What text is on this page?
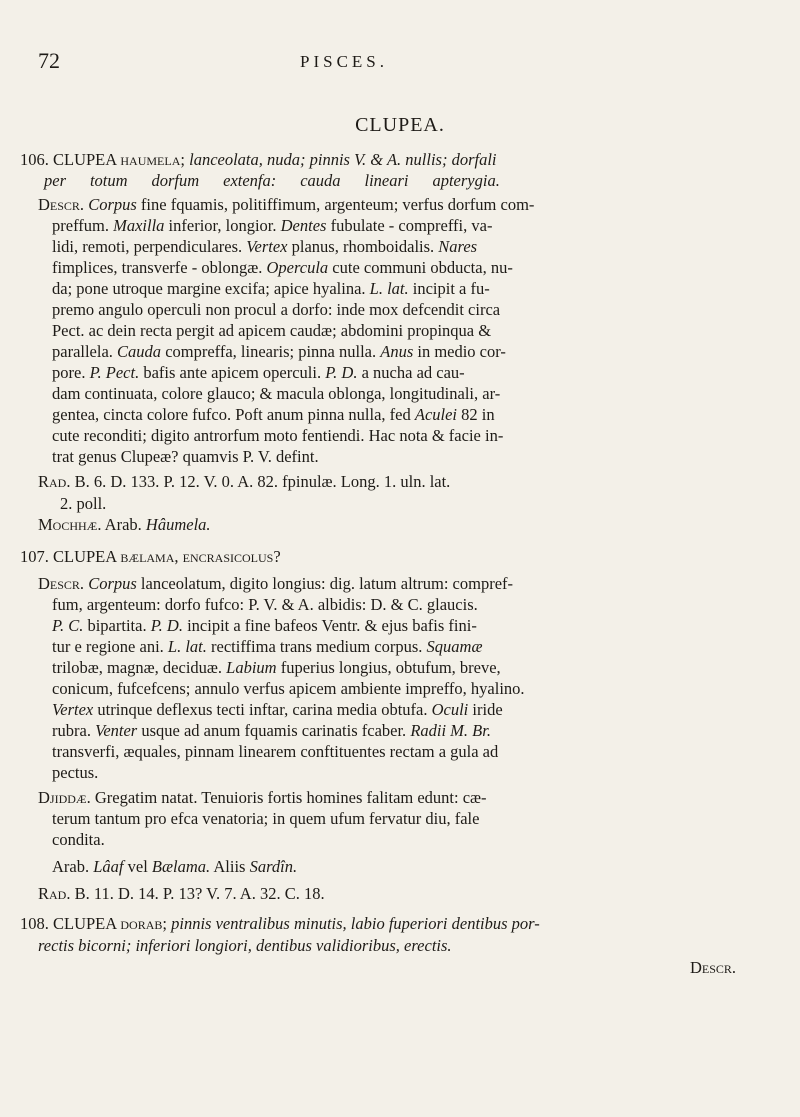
72	PISCES.
CLUPEA.
106. CLUPEA haumela; lanceolata, nuda; pinnis V. & A. nullis; dorfali
per totum dorfum extenfa: cauda lineari apterygia.
Descr. Corpus fine fquamis, politiffimum, argenteum; verfus dorfum com-
preffum. Maxilla inferior, longior. Dentes fubulate - compreffi, va-
lidi, remoti, perpendiculares. Vertex planus, rhomboidalis. Nares
fimplices, transverfe - oblongæ. Opercula cute communi obducta, nu-
da; pone utroque margine excifa; apice hyalina. L. lat. incipit a fu-
premo angulo operculi non procul a dorfo: inde mox defcendit circa
Pect. ac dein recta pergit ad apicem caudæ; abdomini propinqua &
parallela. Cauda compreffa, linearis; pinna nulla. Anus in medio cor-
pore. P. Pect. bafis ante apicem operculi. P. D. a nucha ad cau-
dam continuata, colore glauco; & macula oblonga, longitudinali, ar-
gentea, cincta colore fufco. Poft anum pinna nulla, fed Aculei 82 in
cute reconditi; digito antrorfum moto fentiendi. Hac nota & facie in-
trat genus Clupeæ? quamvis P. V. defint.
Rad. B. 6. D. 133. P. 12. V. 0. A. 82. fpinulæ. Long. 1. uln. lat.
2. poll.
Mochhæ. Arab. Hâumela.
107. CLUPEA bælama, encrasicolus?
Descr. Corpus lanceolatum, digito longius: dig. latum altrum: compref-
fum, argenteum: dorfo fufco: P. V. & A. albidis: D. & C. glaucis.
P. C. bipartita. P. D. incipit a fine bafeos Ventr. & ejus bafis fini-
tur e regione ani. L. lat. rectiffima trans medium corpus. Squamæ
trilobæ, magnæ, deciduæ. Labium fuperius longius, obtufum, breve,
conicum, fufcefcens; annulo verfus apicem ambiente impreffo, hyalino.
Vertex utrinque deflexus tecti inftar, carina media obtufa. Oculi iride
rubra. Venter usque ad anum fquamis carinatis fcaber. Radii M. Br.
transverfi, æquales, pinnam linearem conftituentes rectam a gula ad
pectus.
Djiddæ. Gregatim natat. Tenuioris fortis homines falitam edunt: cæ-
terum tantum pro efca venatoria; in quem ufum fervatur diu, fale
condita.
Arab. Lâaf vel Bælama. Aliis Sardîn.
Rad. B. 11. D. 14. P. 13? V. 7. A. 32. C. 18.
108. CLUPEA dorab; pinnis ventralibus minutis, labio fuperiori dentibus por-
rectis bicorni; inferiori longiori, dentibus validioribus, erectis.
Descr.
